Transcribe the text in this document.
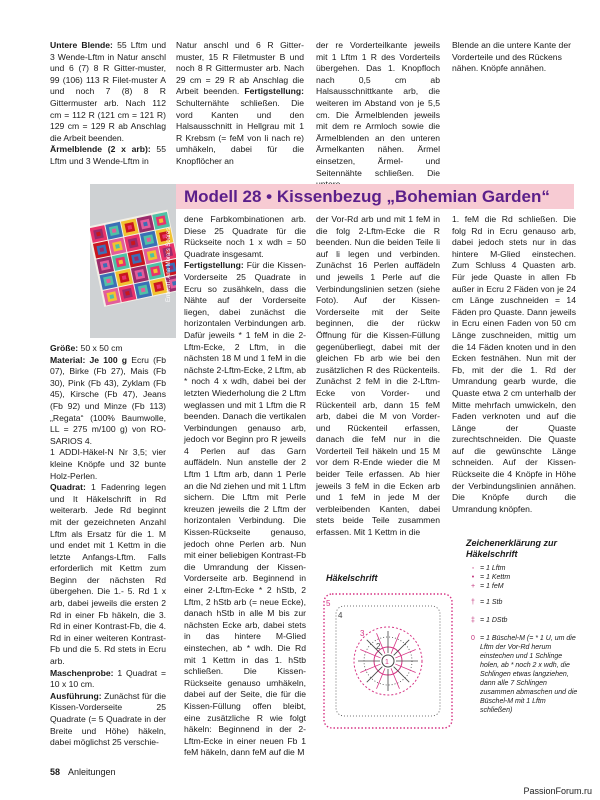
Untere Blende: 55 Lftm und 3 Wende-Lftm in Natur anschl und 6 (7) 8 R Gitter-muster, 99 (106) 113 R Filet-muster A und noch 7 (8) 8 R Gittermuster arb. Nach 112 cm = 112 R (121 cm = 121 R) 129 cm = 129 R ab Anschlag die Arbeit beenden.

Ärmelblende (2 x arb): 55 Lftm und 3 Wende-Lftm in

Natur anschl und 6 R Gitter-muster, 15 R Filetmuster B und noch 8 R Gittermuster arb. Nach 29 cm = 29 R ab Anschlag die Arbeit beenden. Fertigstellung: Schulternähte schließen. Die vord Kanten und den Halsausschnitt in Hellgrau mit 1 R Krebsm (= feM von li nach re) umhäkeln, dabei für die Knopflöcher an

der re Vorderteilkante jeweils mit 1 Lftm 1 R des Vorderteils übergehen. Das 1. Knopfloch nach 0,5 cm ab Halsausschnittkante arb, die weiteren im Abstand von je 5,5 cm. Die Ärmelblenden jeweils mit dem re Armloch sowie die Ärmelblenden an den unteren Ärmelkanten nähen. Ärmel einsetzen, Ärmel- und Seitennähte schließen. Die

Blende an die untere Kante der Vorderteile und des Rückens nähen. Knöpfe annähen.

Modell 28 • Kissenbezug „Bohemian Garden“
Entwurf: Ana Morais Soares

Größe: 50 x 50 cm

Material: Je 100 g Ecru (Fb 07), Birke (Fb 27), Mais (Fb 30), Pink (Fb 43), Zyklam (Fb 45), Kirsche (Fb 47), Jeans (Fb 92) und Minze (Fb 113) „Regata“ (100% Baumwolle, LL = 275 m/100 g) von RO-SARIOS 4.

1 ADDI-Häkel-N Nr 3,5; vier kleine Knöpfe und 32 bunte Holz-Perlen.

Quadrat: 1 Fadenring legen und It Häkelschrift in Rd weiterarb. Jede Rd beginnt mit der gezeichneten Anzahl Lftm als Ersatz für die 1. M und endet mit 1 Kettm in die letzte Anfangs-Lftm. Falls erforderlich mit Kettm zum Beginn der nächsten Rd übergehen. Die 1.- 5. Rd 1 x arb, dabei jeweils die ersten 2 Rd in einer Fb häkeln, die 3. Rd in einer Kontrast-Fb, die 4. Rd in einer weiteren Kontrast-Fb und die 5. Rd stets in Ecru arb.

Maschenprobe: 1 Quadrat = 10 x 10 cm.

Ausführung: Zunächst für die Kissen-Vorderseite 25 Quadrate (= 5 Quadrate in der Breite und Höhe) häkeln, dabei möglichst 25 verschie-

dene Farbkombinationen arb. Diese 25 Quadrate für die Rückseite noch 1 x wdh = 50 Quadrate insgesamt.

Fertigstellung: Für die Kissen-Vorderseite 25 Quadrate in Ecru so zusähkeln, dass die Nähte auf der Vorderseite liegen, dabei zunächst die horizontalen Verbindungen arb. Dafür jeweils * 1 feM in die 2-Lftm-Ecke, 2 Lftm, in die nächsten 18 M und 1 feM in die nächste 2-Lftm-Ecke, 2 Lftm, ab * noch 4 x wdh, dabei bei der letzten Wiederholung die 2 Lftm weglassen und mit 1 Lftm die R beenden. Danach die vertikalen Verbindungen genauso arb, jedoch vor Beginn pro R jeweils 4 Perlen auf das Garn auffädeln. Nun anstelle der 2 Lftm 1 Lftm arb, dann 1 Perle an die Nd ziehen und mit 1 Lftm sichern. Die Lftm mit Perle kreuzen jeweils die 2 Lftm der horizontalen Verbindung. Die Kissen-Rückseite genauso, jedoch ohne Perlen arb. Nun mit einer beliebigen Kontrast-Fb die Umrandung der Kissen-Vorderseite arb. Beginnend in einer 2-Lftm-Ecke * 2 hStb, 2 Lftm, 2 hStb arb (= neue Ecke), danach hStb in alle M bis zur nächsten Ecke arb, dabei stets in das hintere M-Glied einstechen, ab * wdh. Die Rd mit 1 Kettm in das 1. hStb schließen. Die Kissen-Rückseite genauso umhäkeln, dabei auf der Seite, die für die Kissen-Füllung offen bleibt, eine zusätzliche R wie folgt häkeln: Beginnend in der 2-Lftm-Ecke in einer neuen Fb 1 feM häkeln, dann feM auf die M

der Vor-Rd arb und mit 1 feM in die folg 2-Lftm-Ecke die R beenden. Nun die beiden Teile li auf li legen und verbinden. Zunächst 16 Perlen auffädeln und jeweils 1 Perle auf die Verbindungslinien setzen (siehe Foto). Auf der Kissen-Vorderseite mit der Seite beginnen, die der rückw Öffnung für die Kissen-Füllung gegenüberliegt, dabei mit der gleichen Fb arb wie bei den zusätzlichen R des Rückenteils. Zunächst 2 feM in die 2-Lftm-Ecke von Vorder- und Rückenteil arb, dann 15 feM arb, dabei die M von Vorder- und Rückenteil erfassen, danach die feM nur in die Vorderteil Teil häkeln und 15 M vor dem R-Ende wieder die M beider Teile erfassen. Ab hier jeweils 3 feM in die Ecken arb und 1 feM in jede M der verbleibenden Kanten, dabei stets beide Teile zusammen erfassen. Mit 1 Kettm in die

1. feM die Rd schließen. Die folg Rd in Ecru genauso arb, dabei jedoch stets nur in das hintere M-Glied einstechen. Zum Schluss 4 Quasten arb. Für jede Quaste in allen Fb außer in Ecru 2 Fäden von je 24 cm Länge zuschneiden = 14 Fäden pro Quaste. Dann jeweils in Ecru einen Faden von 50 cm Länge zuschneiden, mittig um die 14 Fäden knoten und in den Ecken festnähen. Nun mit der Fb, mit der die 1. Rd der Umrandung gearb wurde, die Quaste etwa 2 cm unterhalb der Mitte mehrfach umwickeln, den Faden verknoten und auf die Länge der Quaste zurechtschneiden. Die Quaste auf die gewünschte Länge schneiden. Auf der Kissen-Rückseite die 4 Knöpfe in Höhe der Verbindungslinien annähen. Die Knöpfe durch die Umrandung knöpfen.

Häkelschrift
5
4
3
2
1
Zeichenerklärung zur Häkelschrift
◦ = 1 Lftm
• = 1 Kettm
+ = 1 feM
† = 1 Stb
‡ = 1 DStb
0 = 1 Büschel-M (= * 1 U, um die Lftm der Vor-Rd herum einstechen und 1 Schlinge holen, ab * noch 2 x wdh, die Schlingen etwas langziehen, dann alle 7 Schlingen zusammen abmaschen und die Büschel-M mit 1 Lftm schließen)
58 Anleitungen
PassionForum.ru
